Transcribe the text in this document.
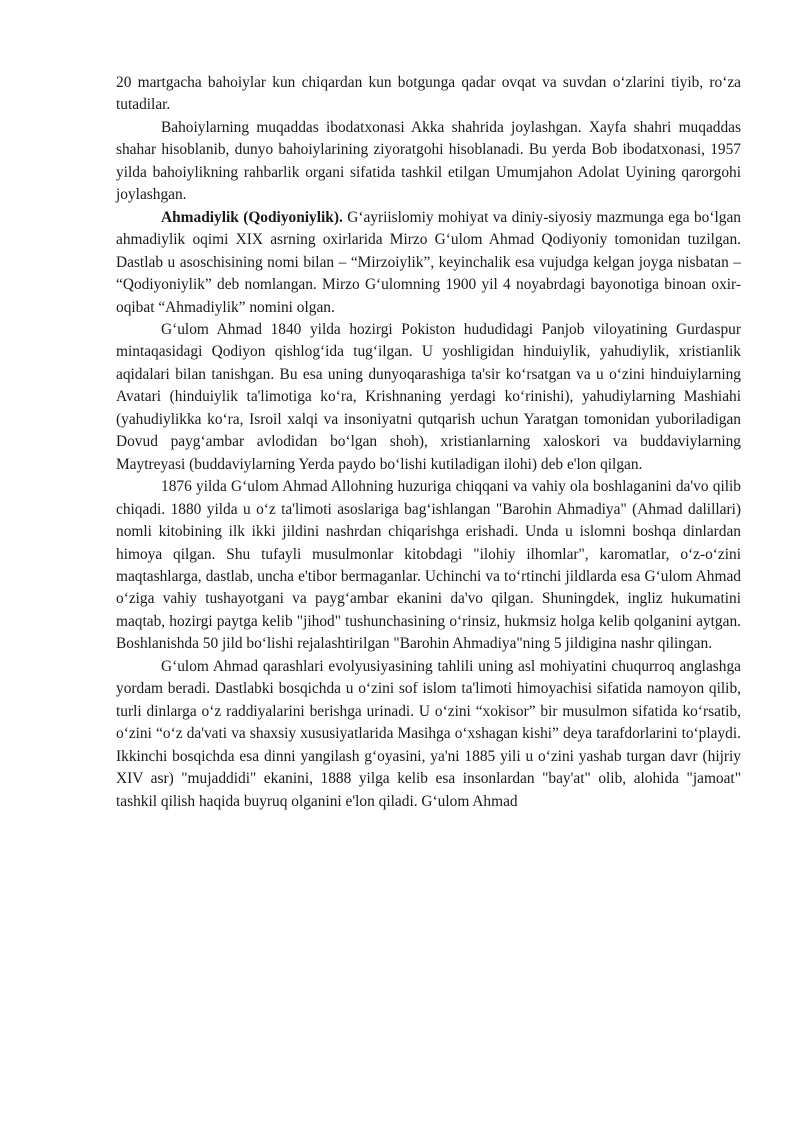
20 martgacha bahoiylar kun chiqardan kun botgunga qadar ovqat va suvdan oʻzlarini tiyib, roʻza tutadilar.

Bahoiylarning muqaddas ibodatxonasi Akka shahrida joylashgan. Xayfa shahri muqaddas shahar hisoblanib, dunyo bahoiylarining ziyoratgohi hisoblanadi. Bu yerda Bob ibodatxonasi, 1957 yilda bahoiylikning rahbarlik organi sifatida tashkil etilgan Umumjahon Adolat Uyining qarorgohi joylashgan.

Ahmadiylik (Qodiyoniylik). Gʻayriislomiy mohiyat va diniy-siyosiy mazmunga ega boʻlgan ahmadiylik oqimi XIX asrning oxirlarida Mirzo Gʻulom Ahmad Qodiyoniy tomonidan tuzilgan. Dastlab u asoschisining nomi bilan – “Mirzoiylik”, keyinchalik esa vujudga kelgan joyga nisbatan – “Qodiyoniylik” deb nomlangan. Mirzo Gʻulomning 1900 yil 4 noyabrdagi bayonotiga binoan oxir-oqibat “Ahmadiylik” nomini olgan.

Gʻulom Ahmad 1840 yilda hozirgi Pokiston hududidagi Panjob viloyatining Gurdaspur mintaqasidagi Qodiyon qishlogʻida tugʻilgan. U yoshligidan hinduiylik, yahudiylik, xristianlik aqidalari bilan tanishgan. Bu esa uning dunyoqarashiga ta'sir koʻrsatgan va u oʻzini hinduiylarning Avatari (hinduiylik ta'limotiga koʻra, Krishnaning yerdagi koʻrinishi), yahudiylarning Mashiahi (yahudiylikka koʻra, Isroil xalqi va insoniyatni qutqarish uchun Yaratgan tomonidan yuboriladigan Dovud paygʻambar avlodidan boʻlgan shoh), xristianlarning xaloskori va buddaviylarning Maytreyasi (buddaviylarning Yerda paydo boʻlishi kutiladigan ilohi) deb e'lon qilgan.

1876 yilda Gʻulom Ahmad Allohning huzuriga chiqqani va vahiy ola boshlaganini da'vo qilib chiqadi. 1880 yilda u oʻz ta'limoti asoslariga bagʻishlangan "Barohin Ahmadiya" (Ahmad dalillari) nomli kitobining ilk ikki jildini nashrdan chiqarishga erishadi. Unda u islomni boshqa dinlardan himoya qilgan. Shu tufayli musulmonlar kitobdagi "ilohiy ilhomlar", karomatlar, oʻz-oʻzini maqtashlarga, dastlab, uncha e'tibor bermaganlar. Uchinchi va toʻrtinchi jildlarda esa Gʻulom Ahmad oʻziga vahiy tushayotgani va paygʻambar ekanini da'vo qilgan. Shuningdek, ingliz hukumatini maqtab, hozirgi paytga kelib "jihod" tushunchasining oʻrinsiz, hukmsiz holga kelib qolganini aytgan. Boshlanishda 50 jild boʻlishi rejalashtirilgan "Barohin Ahmadiya"ning 5 jildigina nashr qilingan.

Gʻulom Ahmad qarashlari evolyusiyasining tahlili uning asl mohiyatini chuqurroq anglashga yordam beradi. Dastlabki bosqichda u oʻzini sof islom ta'limoti himoyachisi sifatida namoyon qilib, turli dinlarga oʻz raddiyalarini berishga urinadi. U oʻzini “xokisor” bir musulmon sifatida koʻrsatib, oʻzini “oʻz da'vati va shaxsiy xususiyatlarida Masihga oʻxshagan kishi” deya tarafdorlarini toʻplaydi. Ikkinchi bosqichda esa dinni yangilash gʻoyasini, ya'ni 1885 yili u oʻzini yashab turgan davr (hijriy XIV asr) "mujaddidi" ekanini, 1888 yilga kelib esa insonlardan "bay'at" olib, alohida "jamoat" tashkil qilish haqida buyruq olganini e'lon qiladi. Gʻulom Ahmad
